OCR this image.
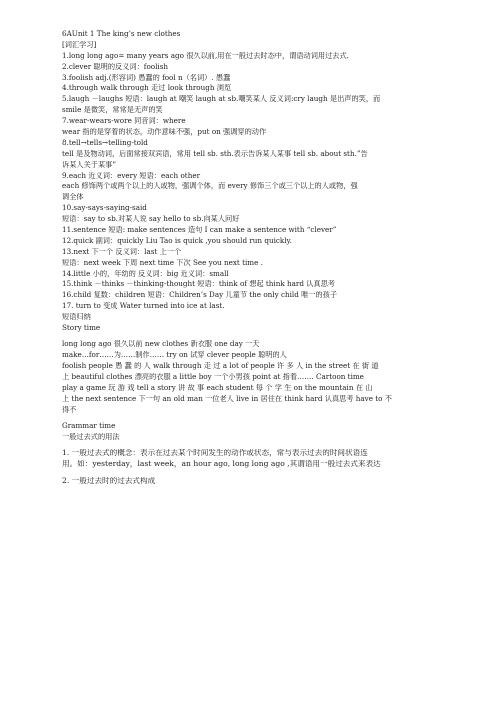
6AUnit 1 The king’s new clothes
[词汇学习]
1.long long ago= many years ago 很久以前,用在一般过去时态中，谓语动词用过去式.
2.clever 聪明的反义词：foolish
3.foolish adj.(形容词) 愚蠢的 fool n（名词）. 愚蠢
4.through walk through 走过 look through 浏览
5.laugh －laughs 短语：laugh at 嘲笑 laugh at sb.嘲笑某人 反义词:cry laugh 是出声的笑，而
smile 是微笑，常常是无声的笑
7.wear-wears-wore 同音词：where
wear 指的是穿着的状态，动作意味不强，put on 强调穿的动作
8.tell→tells→telling-told
tell 是及物动词，后面常接双宾语，常用 tell sb. sth.表示告诉某人某事 tell sb. about sth.”告
诉某人关于某事”
9.each 近义词：every 短语：each other
each 修饰两个或两个以上的人或物，强调个体，而 every 修饰三个或三个以上的人或物，强
调全体
10.say-says-saying-said
短语：say to sb.对某人说 say hello to sb.向某人问好
11.sentence 短语: make sentences 造句 I can make a sentence with “clever”
12.quick 副词：quickly Liu Tao is quick ,you should run quickly.
13.next 下一个 反义词：last 上一个
短语：next week 下周 next time 下次 See you next time .
14.little 小的，年幼的 反义词：big 近义词：small
15.think －thinks －thinking-thought 短语：think of 想起 think hard 认真思考
16.child 复数：children 短语：Children’s Day 儿童节 the only child 唯一的孩子
17. turn to 变成 Water turned into ice at last.
短语归纳
Story time
long long ago 很久以前 new clothes 新衣服 one day 一天
make…for……为……制作…… try on 试穿 clever people 聪明的人
foolish people 愚 蠢 的 人 walk through 走 过 a lot of people 许 多 人 in the street 在 街 道
上 beautiful clothes 漂亮的衣服 a little boy 一个小男孩 point at 指着……. Cartoon time
play a game 玩 游 戏 tell a story 讲 故 事 each student 每 个 学 生 on the mountain 在 山
上 the next sentence 下一句 an old man 一位老人 live in 居住在 think hard 认真思考 have to 不
得不
Grammar time
一般过去式的用法
1. 一般过去式的概念：表示在过去某个时间发生的动作或状态，常与表示过去的时间状语连
用。如：yesterday，last week，an hour ago, long long ago ,其谓语用一般过去式来表达
2. 一般过去时的过去式构成
